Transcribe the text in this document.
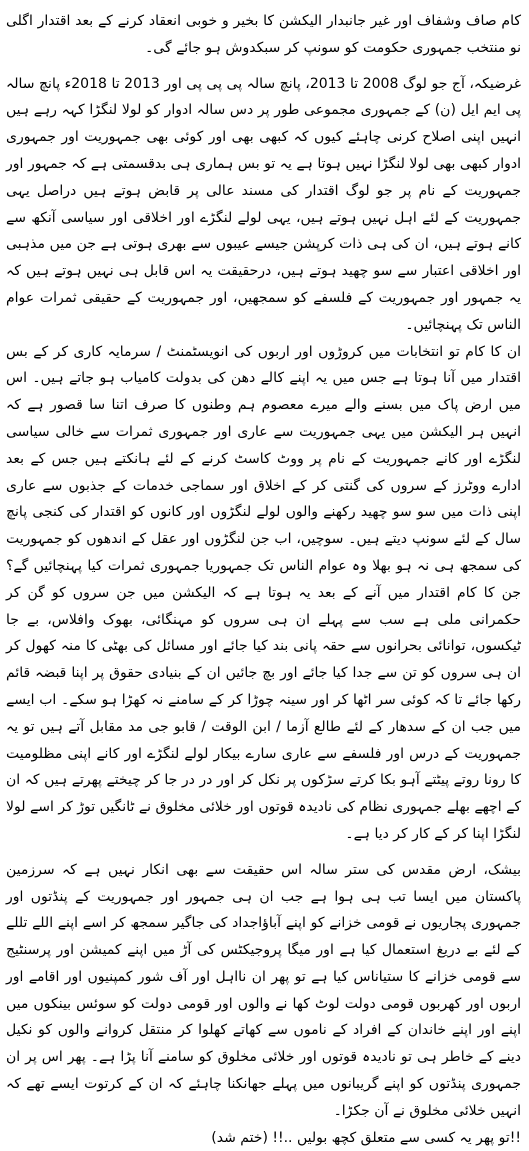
کام صاف وشفاف اور غیر جانبدار الیکشن کا بخیر و خوبی انعقاد کرنے کے بعد اقتدار اگلی نو منتخب جمہوری حکومت کو سونپ کر سبکدوش ہو جائے گی۔

غرضیکہ، آج جو لوگ 2008 تا 2013، پانچ سالہ پی پی پی اور 2013 تا 2018ء پانچ سالہ پی ایم ایل (ن) کے جمہوری مجموعی طور پر دس سالہ ادوار کو لولا لنگڑا کہہ رہے ہیں انہیں اپنی اصلاح کرنی چاہئے کیوں کہ کبھی بھی اور کوئی بھی جمہوریت اور جمہوری ادوار کبھی بھی لولا لنگڑا نہیں ہوتا ہے یہ تو بس ہماری ہی بدقسمتی ہے کہ جمہور اور جمہوریت کے نام پر جو لوگ اقتدار کی مسند عالی پر قابض ہوتے ہیں دراصل یہی جمہوریت کے لئے اہل نہیں ہوتے ہیں، یہی لولے لنگڑے اور اخلاقی اور سیاسی آنکھ سے کانے ہوتے ہیں، ان کی ہی ذات کرپشن جیسے عیبوں سے بھری ہوتی ہے جن میں مذہبی اور اخلاقی اعتبار سے سو چھید ہوتے ہیں، درحقیقت یہ اس قابل ہی نہیں ہوتے ہیں کہ یہ جمہور اور جمہوریت کے فلسفے کو سمجھیں، اور جمہوریت کے حقیقی ثمرات عوام الناس تک پہنچائیں۔

ان کا کام تو انتخابات میں کروڑوں اور اربوں کی انویسٹمنٹ / سرمایہ کاری کر کے بس اقتدار میں آنا ہوتا ہے جس میں یہ اپنے کالے دھن کی بدولت کامیاب ہو جاتے ہیں۔ اس میں ارض پاک میں بسنے والے میرے معصوم ہم وطنوں کا صرف اتنا سا قصور ہے کہ انہیں ہر الیکشن میں یہی جمہوریت سے عاری اور جمہوری ثمرات سے خالی سیاسی لنگڑے اور کانے جمہوریت کے نام پر ووٹ کاسٹ کرنے کے لئے ہانکتے ہیں جس کے بعد ادارے ووٹرز کے سروں کی گنتی کر کے اخلاق اور سماجی خدمات کے جذبوں سے عاری اپنی ذات میں سو سو چھید رکھنے والوں لولے لنگڑوں اور کانوں کو اقتدار کی کنجی پانچ سال کے لئے سونپ دیتے ہیں۔ سوچیں، اب جن لنگڑوں اور عقل کے اندھوں کو جمہوریت کی سمجھ ہی نہ ہو بھلا وہ عوام الناس تک جمہوریا جمہوری ثمرات کیا پہنچائیں گے؟ جن کا کام اقتدار میں آنے کے بعد یہ ہوتا ہے کہ الیکشن میں جن سروں کو گن کر حکمرانی ملی ہے سب سے پہلے ان ہی سروں کو مہنگائی، بھوک وافلاس، بے جا ٹیکسوں، توانائی بحرانوں سے حقہ پانی بند کیا جائے اور مسائل کی بھٹی کا منہ کھول کر ان ہی سروں کو تن سے جدا کیا جائے اور بچ جائیں ان کے بنیادی حقوق پر اپنا قبضہ قائم رکھا جائے تا کہ کوئی سر اٹھا کر اور سینہ چوڑا کر کے سامنے نہ کھڑا ہو سکے۔ اب ایسے میں جب ان کے سدھار کے لئے طالع آزما / ابن الوقت / قابو جی مد مقابل آتے ہیں تو یہ جمہوریت کے درس اور فلسفے سے عاری سارے بیکار لولے لنگڑے اور کانے اپنی مظلومیت کا رونا روتے پیٹتے آہو بکا کرتے سڑکوں پر نکل کر اور در در جا کر چیختے پھرتے ہیں کہ ان کے اچھے بھلے جمہوری نظام کی نادیدہ قوتوں اور خلائی مخلوق نے ٹانگیں توڑ کر اسے لولا لنگڑا اپنا کر کے کار کر دیا ہے۔

بیشک، ارض مقدس کی ستر سالہ اس حقیقت سے بھی انکار نہیں ہے کہ سرزمین پاکستان میں ایسا تب ہی ہوا ہے جب ان ہی جمہور اور جمہوریت کے پنڈتوں اور جمہوری پجاریوں نے قومی خزانے کو اپنے آباؤاجداد کی جاگیر سمجھ کر اسے اپنے اللے تللے کے لئے بے دریغ استعمال کیا ہے اور میگا پروجیکٹس کی آڑ میں اپنے کمیشن اور پرسنٹیج سے قومی خزانے کا ستیاناس کیا ہے تو پھر ان نااہل اور آف شور کمپنیوں اور اقامے اور اربوں اور کھربوں قومی دولت لوٹ کھا نے والوں اور قومی دولت کو سوئس بینکوں میں اپنے اور اپنے خاندان کے افراد کے ناموں سے کھاتے کھلوا کر منتقل کروانے والوں کو نکیل دینے کے خاطر ہی تو نادیدہ قوتوں اور خلائی مخلوق کو سامنے آنا پڑا ہے۔ پھر اس پر ان جمہوری پنڈتوں کو اپنے گریبانوں میں پہلے جھانکنا چاہئے کہ ان کے کرتوت ایسے تھے کہ انہیں خلائی مخلوق نے آن جکڑا۔

!!تو پھر یہ کسی سے متعلق کچھ بولیں ..!! (ختم شد)
